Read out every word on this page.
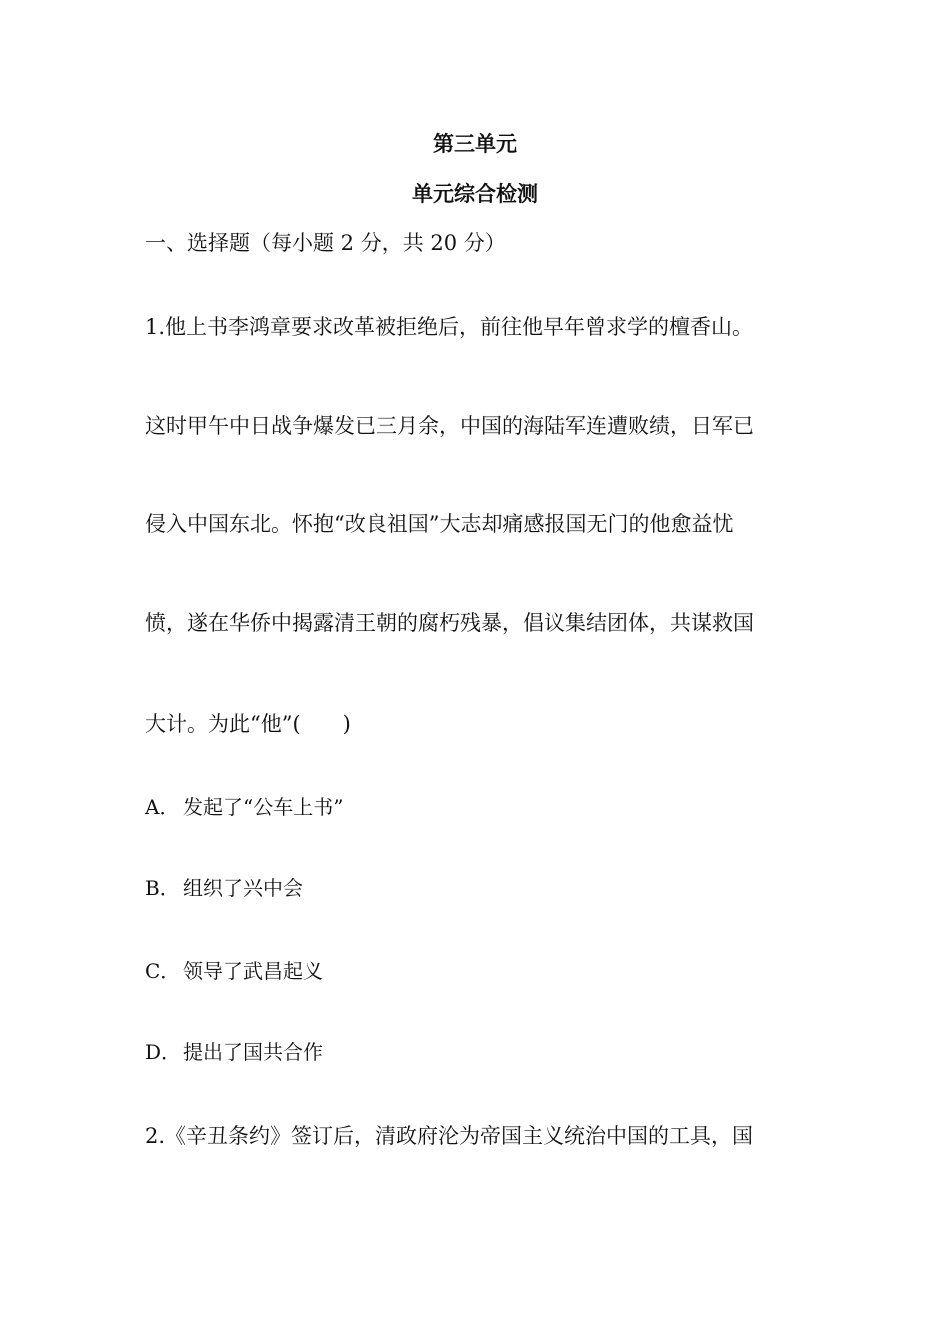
第三单元
单元综合检测
一、选择题（每小题 2 分，共 20 分）
1.他上书李鸿章要求改革被拒绝后，前往他早年曾求学的檀香山。
这时甲午中日战争爆发已三月余，中国的海陆军连遭败绩，日军已
侵入中国东北。怀抱“改良祖国”大志却痛感报国无门的他愈益忧
愤，遂在华侨中揭露清王朝的腐朽残暴，倡议集结团体，共谋救国
大计。为此“他”(　　)
A． 发起了“公车上书”
B． 组织了兴中会
C． 领导了武昌起义
D．提出了国共合作
2.《辛丑条约》签订后，清政府沦为帝国主义统治中国的工具，国
